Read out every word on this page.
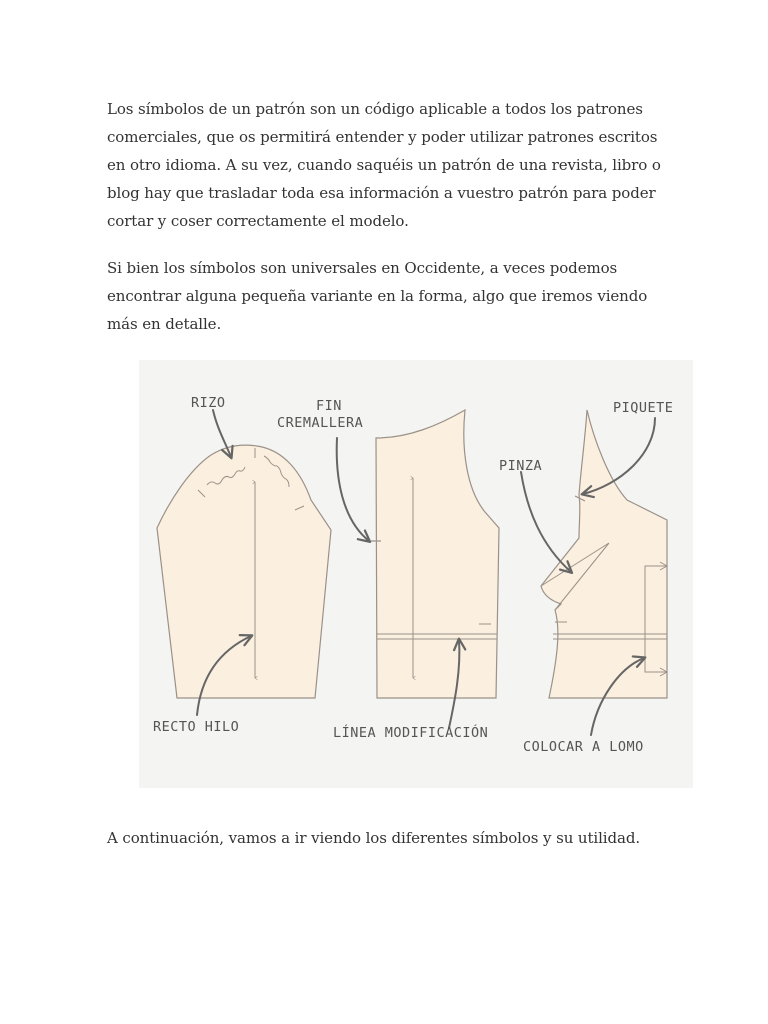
Los símbolos de un patrón son un código aplicable a todos los patrones comerciales, que os permitirá entender y poder utilizar patrones escritos en otro idioma. A su vez, cuando saquéis un patrón de una revista, libro o blog hay que trasladar toda esa información a vuestro patrón para poder cortar y coser correctamente el modelo.

Si bien los símbolos son universales en Occidente, a veces podemos encontrar alguna pequeña variante en la forma, algo que iremos viendo más en detalle.

RIZO	FIN
CREMALLERA
PIQUETE
PINZA
RECTO HILO	LÍNEA MODIFICACIÓN
COLOCAR A LOMO

A continuación, vamos a ir viendo los diferentes símbolos y su utilidad.
